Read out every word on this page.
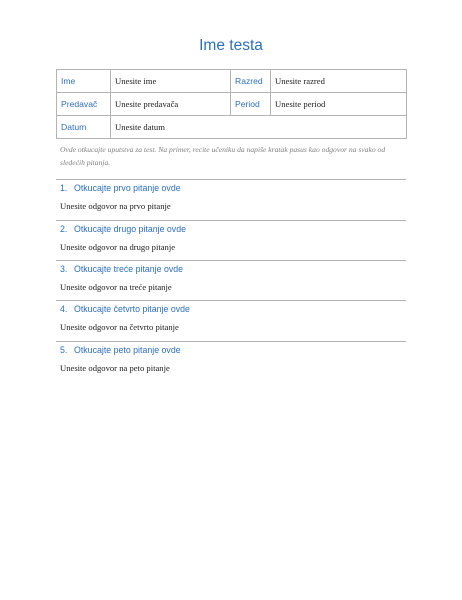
Ime testa
Ime	Unesite ime	Razred	Unesite razred
Predavač	Unesite predavača	Period	Unesite period
Datum	Unesite datum		
Ovde otkucajte uputstva za test. Na primer, recite učeniku da napiše kratak pasus kao odgovor na svako od sledećih pitanja.
1. Otkucajte prvo pitanje ovde
Unesite odgovor na prvo pitanje
2. Otkucajte drugo pitanje ovde
Unesite odgovor na drugo pitanje
3. Otkucajte treće pitanje ovde
Unesite odgovor na treće pitanje
4. Otkucajte četvrto pitanje ovde
Unesite odgovor na četvrto pitanje
5. Otkucajte peto pitanje ovde
Unesite odgovor na peto pitanje
